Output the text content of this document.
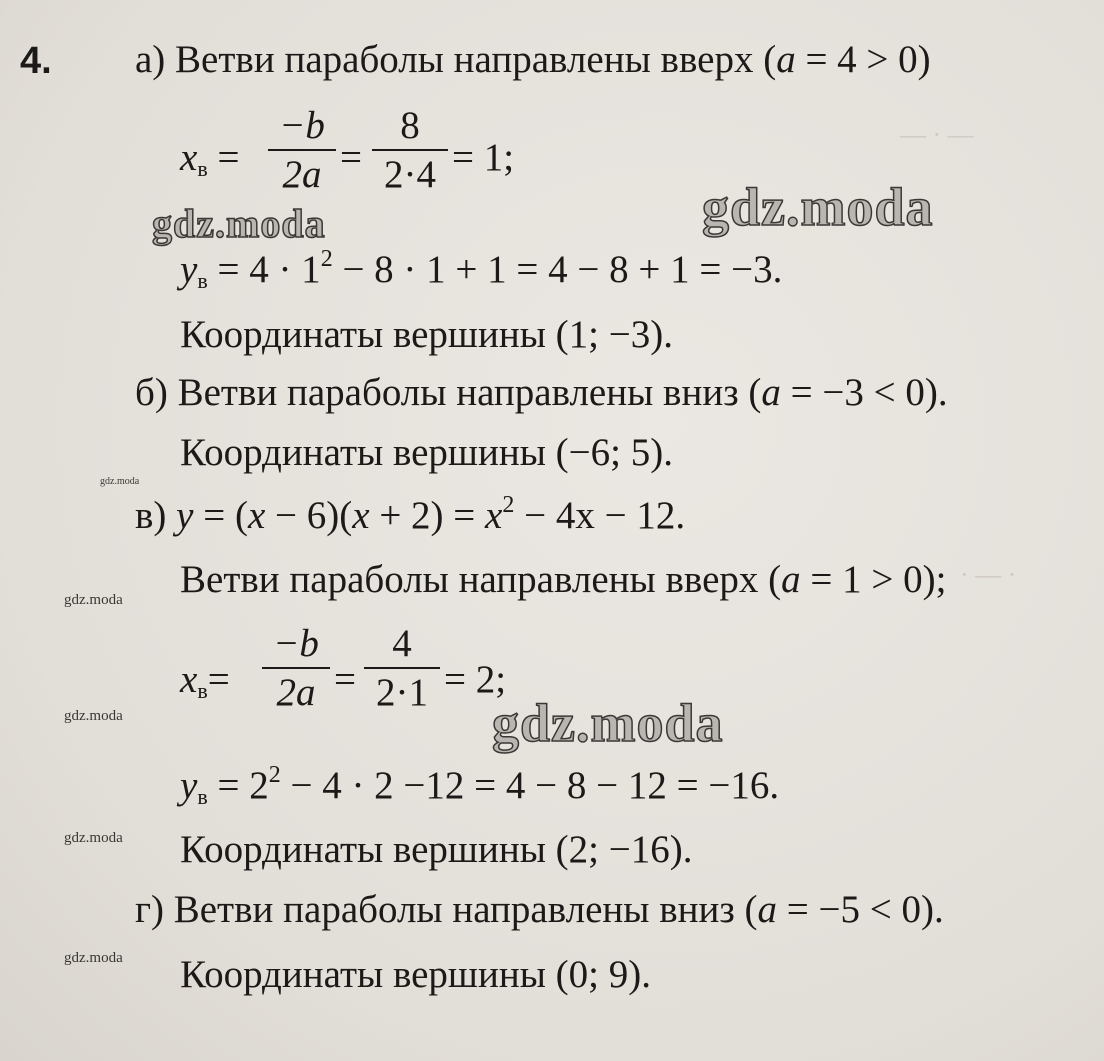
— · —
· — ·
4. а) Ветви параболы направлены вверх (a = 4 > 0)
$x_в = \frac{-b}{2a} = \frac{8}{2\cdot 4} = 1$;
$y_в = 4 \cdot 1^2 - 8 \cdot 1 + 1 = 4 - 8 + 1 = -3$.
Координаты вершины (1; −3).
б) Ветви параболы направлены вниз (a = −3 < 0).
Координаты вершины (−6; 5).
в) $y = (x - 6)(x + 2) = x^2 - 4x - 12$.
Ветви параболы направлены вверх (a = 1 > 0);
$x_в= \frac{-b}{2a} = \frac{4}{2\cdot 1} = 2$;
$y_в = 2^2 - 4 \cdot 2 -12 = 4 - 8 - 12 = -16$.
Координаты вершины (2; −16).
г) Ветви параболы направлены вниз (a = −5 < 0).
Координаты вершины (0; 9).
gdz.moda
gdz.moda
gdz.moda
gdz.moda
gdz.moda
gdz.moda
gdz.moda
gdz.moda
